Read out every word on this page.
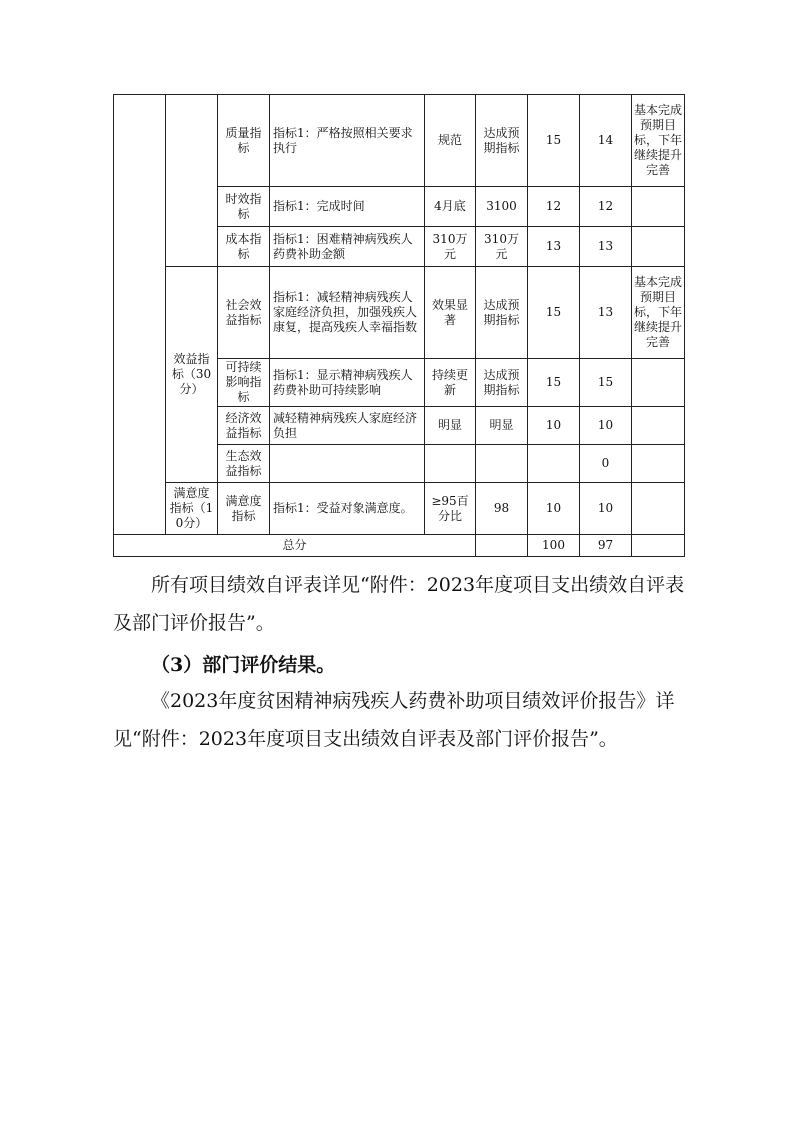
		质量指标	指标1：严格按照相关要求执行	规范	达成预期指标	15	14	基本完成预期目标，下年继续提升完善
		时效指标	指标1：完成时间	4月底	3100	12	12	
		成本指标	指标1：困难精神病残疾人药费补助金额	310万元	310万元	13	13	
	效益指标（30分）	社会效益指标	指标1：减轻精神病残疾人家庭经济负担，加强残疾人康复，提高残疾人幸福指数	效果显著	达成预期指标	15	13	基本完成预期目标，下年继续提升完善
		可持续影响指标	指标1：显示精神病残疾人药费补助可持续影响	持续更新	达成预期指标	15	15	
		经济效益指标	减轻精神病残疾人家庭经济负担	明显	明显	10	10	
		生态效益指标					0	
	满意度指标（10分）	满意度指标	指标1：受益对象满意度。	≥95百分比	98	10	10	
总分						100	97	

所有项目绩效自评表详见“附件：2023年度项目支出绩效自评表及部门评价报告”。

（3）部门评价结果。

《2023年度贫困精神病残疾人药费补助项目绩效评价报告》详见“附件：2023年度项目支出绩效自评表及部门评价报告”。
